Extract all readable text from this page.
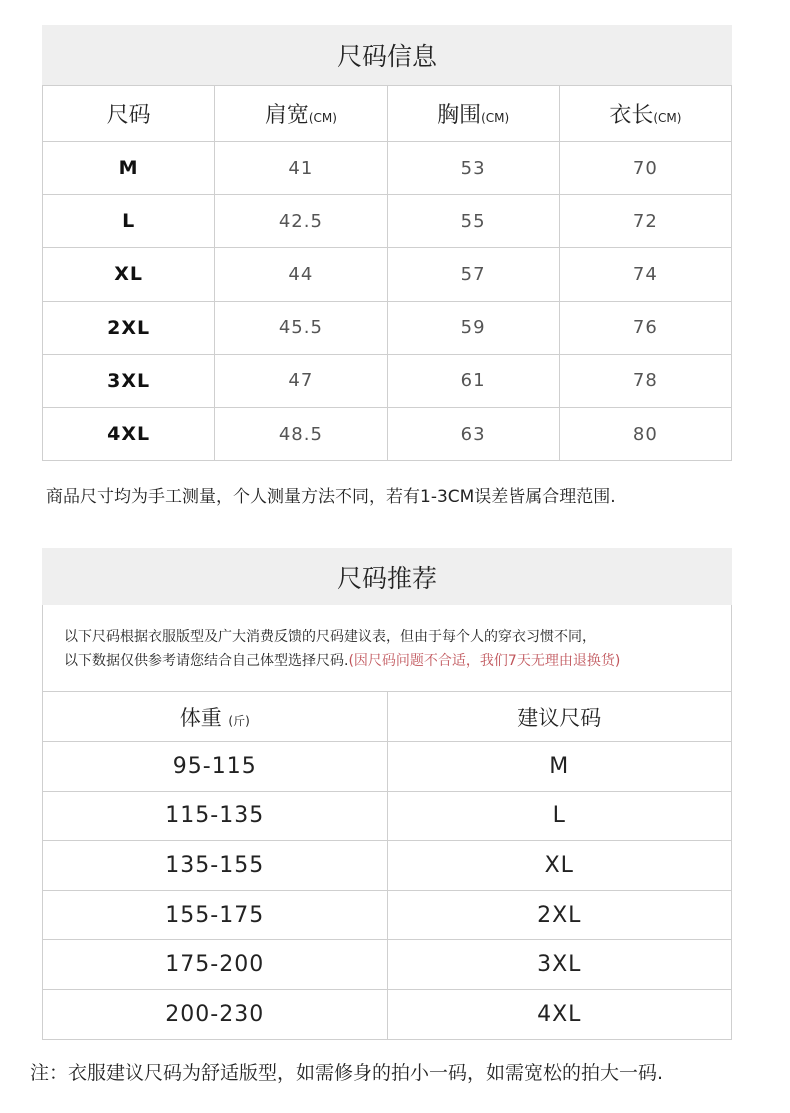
尺码信息
尺码	肩宽(CM)	胸围(CM)	衣长(CM)
M	41	53	70
L	42.5	55	72
XL	44	57	74
2XL	45.5	59	76
3XL	47	61	78
4XL	48.5	63	80
商品尺寸均为手工测量，个人测量方法不同，若有1-3CM误差皆属合理范围.
尺码推荐
以下尺码根据衣服版型及广大消费反馈的尺码建议表，但由于每个人的穿衣习惯不同，
以下数据仅供参考请您结合自己体型选择尺码.(因尺码问题不合适，我们7天无理由退换货)
体重 (斤)	建议尺码
95-115	M
115-135	L
135-155	XL
155-175	2XL
175-200	3XL
200-230	4XL
注：衣服建议尺码为舒适版型，如需修身的拍小一码，如需宽松的拍大一码.
